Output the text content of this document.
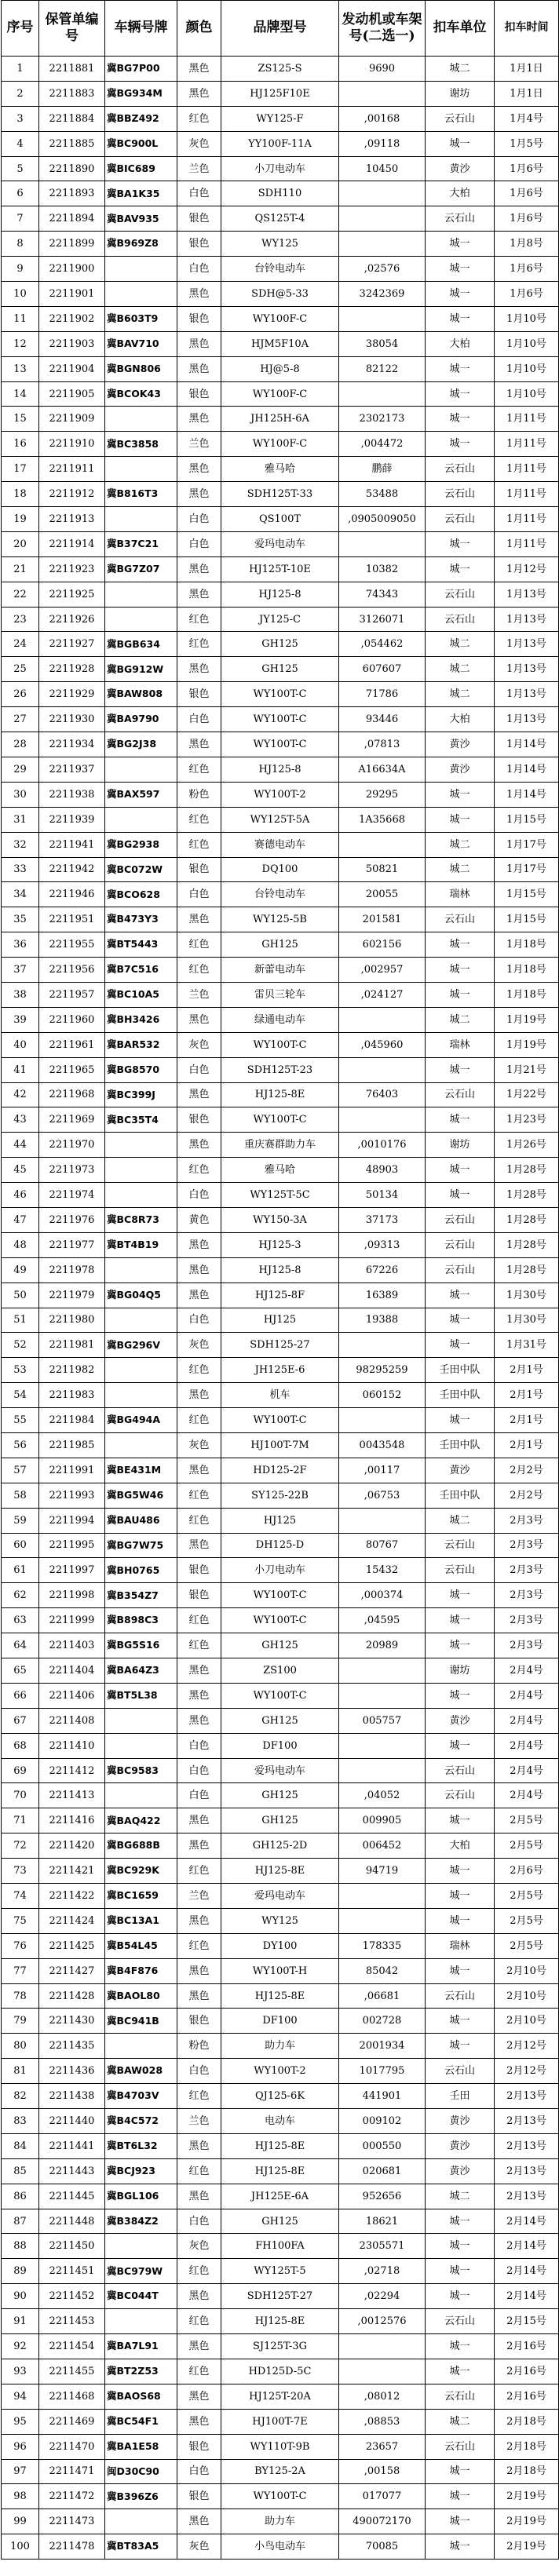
序号	保管单编号	车辆号牌	颜色	品牌型号	发动机或车架号(二选一)	扣车单位	扣车时间
1	2211881	冀BG7P00	黑色	ZS125-S	9690	城二	1月1日
2	2211883	冀BG934M	黑色	HJ125F10E		谢坊	1月1日
3	2211884	冀BBZ492	红色	WY125-F	,00168	云石山	1月4号
4	2211885	冀BC900L	灰色	YY100F-11A	,09118	城一	1月5号
5	2211890	冀BIC689	兰色	小刀电动车	10450	黄沙	1月6号
6	2211893	冀BA1K35	白色	SDH110		大柏	1月6号
7	2211894	冀BAV935	银色	QS125T-4		云石山	1月6号
8	2211899	冀B969Z8	银色	WY125		城一	1月8号
9	2211900		白色	台铃电动车	,02576	城一	1月6号
10	2211901		黑色	SDH@5-33	3242369	城一	1月6号
11	2211902	冀B603T9	银色	WY100F-C		城一	1月10号
12	2211903	冀BAV710	黑色	HJM5F10A	38054	大柏	1月10号
13	2211904	冀BGN806	黑色	HJ@5-8	82122	城一	1月10号
14	2211905	冀BCOK43	银色	WY100F-C		城一	1月10号
15	2211909		黑色	JH125H-6A	2302173	城一	1月11号
16	2211910	冀BC3858	兰色	WY100F-C	,004472	城一	1月11号
17	2211911		黑色	雅马哈	鹏薛	云石山	1月11号
18	2211912	冀B816T3	黑色	SDH125T-33	53488	云石山	1月11号
19	2211913		白色	QS100T	,0905009050	云石山	1月11号
20	2211914	冀B37C21	白色	爱玛电动车		城一	1月11号
21	2211923	冀BG7Z07	黑色	HJ125T-10E	10382	城一	1月12号
22	2211925		黑色	HJ125-8	74343	云石山	1月13号
23	2211926		红色	JY125-C	3126071	云石山	1月13号
24	2211927	冀BGB634	红色	GH125	,054462	城二	1月13号
25	2211928	冀BG912W	黑色	GH125	607607	城二	1月13号
26	2211929	冀BAW808	银色	WY100T-C	71786	城二	1月13号
27	2211930	冀BA9790	白色	WY100T-C	93446	大柏	1月13号
28	2211934	冀BG2J38	黑色	WY100T-C	,07813	黄沙	1月14号
29	2211937		红色	HJ125-8	A16634A	黄沙	1月14号
30	2211938	冀BAX597	粉色	WY100T-2	29295	城一	1月14号
31	2211939		红色	WY125T-5A	1A35668	城一	1月15号
32	2211941	冀BG2938	红色	赛德电动车		城二	1月17号
33	2211942	冀BC072W	银色	DQ100	50821	城二	1月17号
34	2211946	冀BCO628	白色	台铃电动车	20055	瑞林	1月15号
35	2211951	冀B473Y3	黑色	WY125-5B	201581	云石山	1月15号
36	2211955	冀BT5443	红色	GH125	602156	城一	1月18号
37	2211956	冀B7C516	红色	新蕾电动车	,002957	城一	1月18号
38	2211957	冀BC10A5	兰色	雷贝三轮车	,024127	城一	1月18号
39	2211960	冀BH3426	黑色	绿通电动车		城二	1月19号
40	2211961	冀BAR532	灰色	WY100T-C	,045960	瑞林	1月19号
41	2211965	冀BG8570	白色	SDH125T-23		城一	1月21号
42	2211968	冀BC399J	黑色	HJ125-8E	76403	云石山	1月22号
43	2211969	冀BC35T4	银色	WY100T-C		城一	1月23号
44	2211970		黑色	重庆赛群助力车	,0010176	谢坊	1月26号
45	2211973		红色	雅马哈	48903	城一	1月28号
46	2211974		白色	WY125T-5C	50134	城一	1月28号
47	2211976	冀BC8R73	黄色	WY150-3A	37173	云石山	1月28号
48	2211977	冀BT4B19	黑色	HJ125-3	,09313	云石山	1月28号
49	2211978		黑色	HJ125-8	67226	云石山	1月28号
50	2211979	冀BG04Q5	黑色	HJ125-8F	16389	城一	1月30号
51	2211980		白色	HJ125	19388	城一	1月30号
52	2211981	冀BG296V	灰色	SDH125-27		城一	1月31号
53	2211982		红色	JH125E-6	98295259	壬田中队	2月1号
54	2211983		黑色	机车	060152	壬田中队	2月1号
55	2211984	冀BG494A	红色	WY100T-C		城一	2月1号
56	2211985		灰色	HJ100T-7M	0043548	壬田中队	2月1号
57	2211991	冀BE431M	黑色	HD125-2F	,00117	黄沙	2月2号
58	2211993	冀BG5W46	红色	SY125-22B	,06753	壬田中队	2月2号
59	2211994	冀BAU486	红色	HJ125		城二	2月3号
60	2211995	冀BG7W75	黑色	DH125-D	80767	云石山	2月3号
61	2211997	冀BH0765	银色	小刀电动车	15432	云石山	2月3号
62	2211998	冀B354Z7	银色	WY100T-C	,000374	城一	2月3号
63	2211999	冀B898C3	红色	WY100T-C	,04595	城一	2月3号
64	2211403	冀BG5S16	红色	GH125	20989	城一	2月3号
65	2211404	冀BA64Z3	黑色	ZS100		谢坊	2月4号
66	2211406	冀BT5L38	黑色	WY100T-C		城一	2月4号
67	2211408		黑色	GH125	005757	黄沙	2月4号
68	2211410		白色	DF100		城一	2月4号
69	2211412	冀BC9583	白色	爱玛电动车		云石山	2月4号
70	2211413		白色	GH125	,04052	云石山	2月4号
71	2211416	冀BAQ422	黑色	GH125	009905	城一	2月5号
72	2211420	冀BG688B	黑色	GH125-2D	006452	大柏	2月5号
73	2211421	冀BC929K	红色	HJ125-8E	94719	城一	2月6号
74	2211422	冀BC1659	兰色	爱玛电动车		城一	2月5号
75	2211424	冀BC13A1	黑色	WY125		城一	2月5号
76	2211425	冀B54L45	红色	DY100	178335	瑞林	2月5号
77	2211427	冀B4F876	黑色	WY100T-H	85042	城一	2月10号
78	2211428	冀BAOL80	黑色	HJ125-8E	,06681	云石山	2月10号
79	2211430	冀BC941B	银色	DF100	002728	城一	2月10号
80	2211435		粉色	助力车	2001934	城一	2月12号
81	2211436	冀BAW028	白色	WY100T-2	1017795	云石山	2月12号
82	2211438	冀B4703V	红色	QJ125-6K	441901	壬田	2月13号
83	2211440	冀B4C572	兰色	电动车	009102	黄沙	2月13号
84	2211441	冀BT6L32	黑色	HJ125-8E	000550	黄沙	2月13号
85	2211443	冀BCJ923	红色	HJ125-8E	020681	黄沙	2月13号
86	2211445	冀BGL106	黑色	JH125E-6A	952656	城二	2月13号
87	2211448	冀B384Z2	白色	GH125	18621	城一	2月14号
88	2211450		灰色	FH100FA	2305571	城一	2月14号
89	2211451	冀BC979W	红色	WY125T-5	,02718	城一	2月14号
90	2211452	冀BC044T	黑色	SDH125T-27	,02294	城一	2月14号
91	2211453		红色	HJ125-8E	,0012576	云石山	2月15号
92	2211454	冀BA7L91	黑色	SJ125T-3G		城一	2月16号
93	2211455	冀BT2Z53	红色	HD125D-5C		城一	2月16号
94	2211468	冀BAOS68	黑色	HJ125T-20A	,08012	云石山	2月16号
95	2211469	冀BC54F1	黑色	HJ100T-7E	,08853	城二	2月18号
96	2211470	冀BA1E58	银色	WY110T-9B	23657	云石山	2月18号
97	2211471	闽D30C90	白色	BY125-2A	,00158	城一	2月18号
98	2211472	冀B396Z6	银色	WY100T-C	017077	城一	2月19号
99	2211473		黑色	助力车	490072170	城一	2月19号
100	2211478	冀BT83A5	灰色	小鸟电动车	70085	城一	2月19号
